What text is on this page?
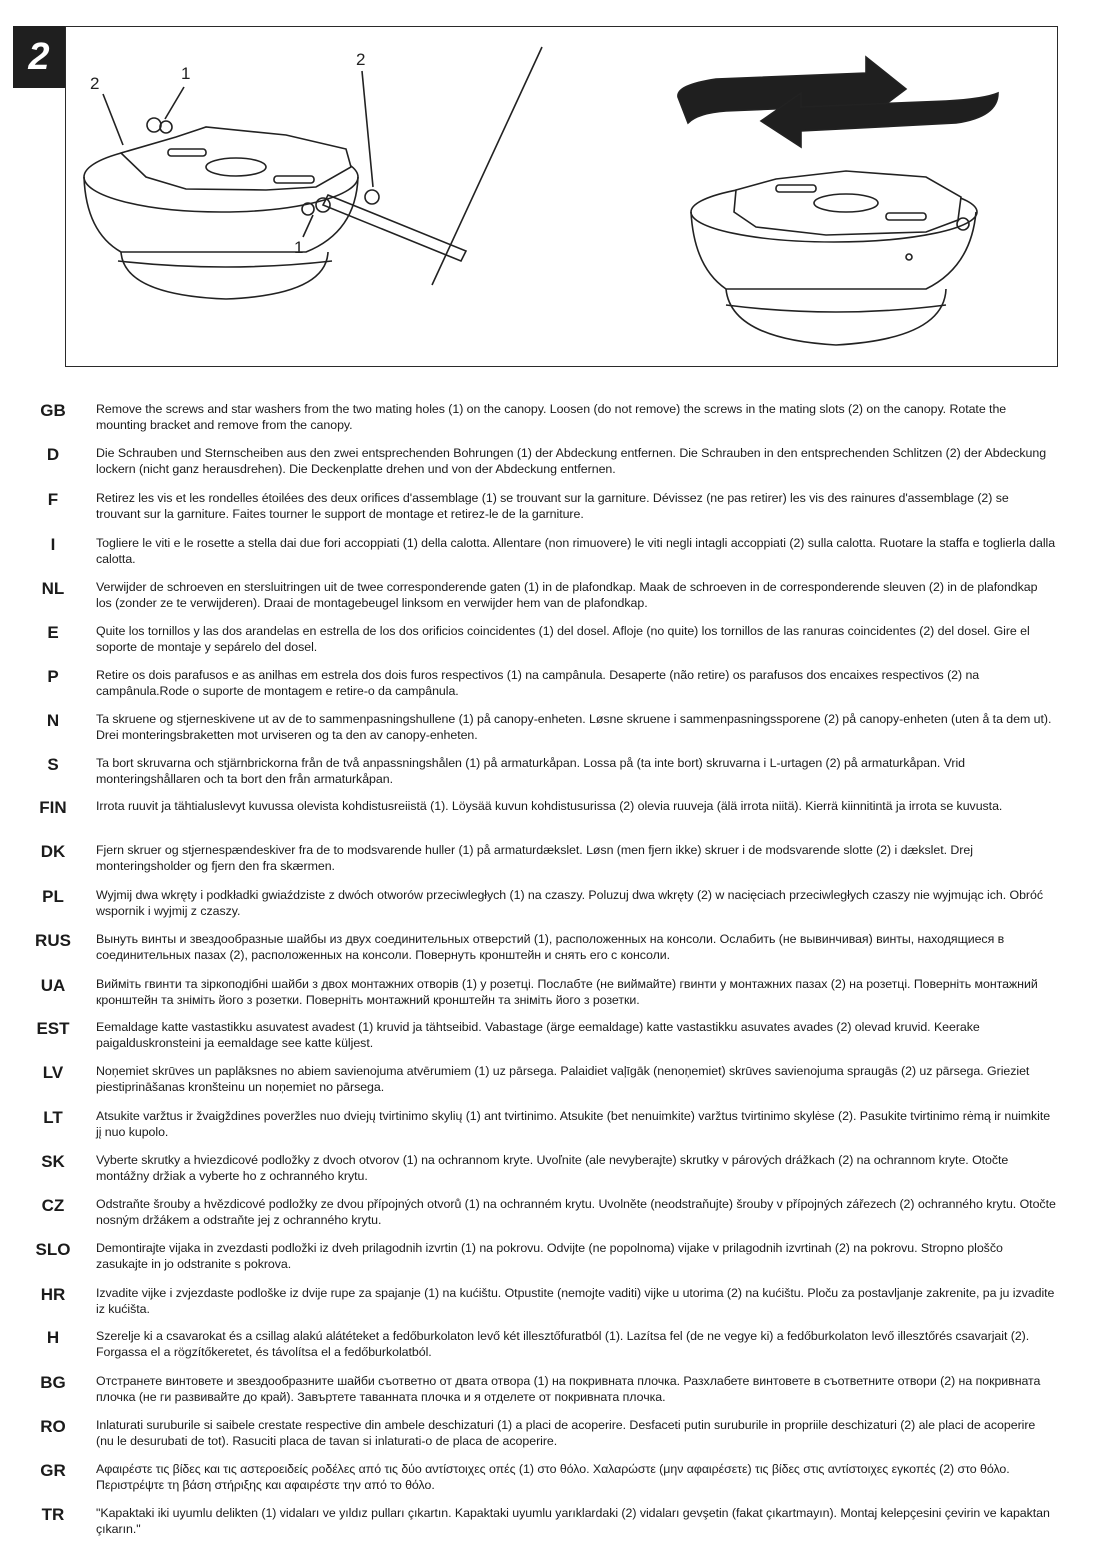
2
2
1
2
1
GB	Remove the screws and star washers from the two mating holes (1) on the canopy. Loosen (do not remove) the screws in the mating slots (2) on the canopy. Rotate the mounting bracket and remove from the canopy.
D	Die Schrauben und Sternscheiben aus den zwei entsprechenden Bohrungen (1) der Abdeckung entfernen. Die Schrauben in den entsprechenden Schlitzen (2) der Abdeckung lockern (nicht ganz herausdrehen). Die Deckenplatte drehen und von der Abdeckung entfernen.
F	Retirez les vis et les rondelles étoilées des deux orifices d'assemblage (1) se trouvant sur la garniture. Dévissez (ne pas retirer) les vis des rainures d'assemblage (2) se trouvant sur la garniture. Faites tourner le support de montage et retirez-le de la garniture.
I	Togliere le viti e le rosette a stella dai due fori accoppiati (1) della calotta. Allentare (non rimuovere) le viti negli intagli accoppiati (2) sulla calotta. Ruotare la staffa e toglierla dalla calotta.
NL	Verwijder de schroeven en stersluitringen uit de twee corresponderende gaten (1) in de plafondkap. Maak de schroeven in de corresponderende sleuven (2) in de plafondkap los (zonder ze te verwijderen). Draai de montagebeugel linksom en verwijder hem van de plafondkap.
E	Quite los tornillos y las dos arandelas en estrella de los dos orificios coincidentes (1) del dosel. Afloje (no quite) los tornillos de las ranuras coincidentes (2) del dosel. Gire el soporte de montaje y sepárelo del dosel.
P	Retire os dois parafusos e as anilhas em estrela dos dois furos respectivos (1) na campânula. Desaperte (não retire) os parafusos dos encaixes respectivos (2) na campânula.Rode o suporte de montagem e retire-o da campânula.
N	Ta skruene og stjerneskivene ut av de to sammenpasningshullene (1) på canopy-enheten. Løsne skruene i sammenpasningssporene (2) på canopy-enheten (uten å ta dem ut). Drei monteringsbraketten mot urviseren og ta den av canopy-enheten.
S	Ta bort skruvarna och stjärnbrickorna från de två anpassningshålen (1) på armaturkåpan. Lossa på (ta inte bort) skruvarna i L-urtagen (2) på armaturkåpan. Vrid monteringshållaren och ta bort den från armaturkåpan.
FIN	Irrota ruuvit ja tähtialuslevyt kuvussa olevista kohdistusreiistä (1). Löysää kuvun kohdistusurissa (2) olevia ruuveja (älä irrota niitä). Kierrä kiinnitintä ja irrota se kuvusta.
DK	Fjern skruer og stjernespændeskiver fra de to modsvarende huller (1) på armaturdækslet. Løsn (men fjern ikke) skruer i de modsvarende slotte (2) i dækslet. Drej monteringsholder og fjern den fra skærmen.
PL	Wyjmij dwa wkręty i podkładki gwiaździste z dwóch otworów przeciwległych (1) na czaszy. Poluzuj dwa wkręty (2) w nacięciach przeciwległych czaszy nie wyjmując ich. Obróć wspornik i wyjmij z czaszy.
RUS	Вынуть винты и звездообразные шайбы из двух соединительных отверстий (1), расположенных на консоли. Ослабить (не вывинчивая) винты, находящиеся в соединительных пазах (2), расположенных на консоли. Повернуть кронштейн и снять его с консоли.
UA	Вийміть гвинти та зіркоподібні шайби з двох монтажних отворів (1) у розетці. Послабте (не виймайте) гвинти у монтажних пазах (2) на розетці. Поверніть монтажний кронштейн та зніміть його з розетки. Поверніть монтажний кронштейн та зніміть його з розетки.
EST	Eemaldage katte vastastikku asuvatest avadest (1) kruvid ja tähtseibid. Vabastage (ärge eemaldage) katte vastastikku asuvates avades (2) olevad kruvid. Keerake paigalduskronsteini ja eemaldage see katte küljest.
LV	Noņemiet skrūves un paplāksnes no abiem savienojuma atvērumiem (1) uz pārsega. Palaidiet vaļīgāk (nenoņemiet) skrūves savienojuma spraugās (2) uz pārsega. Grieziet piestiprināšanas kronšteinu un noņemiet no pārsega.
LT	Atsukite varžtus ir žvaigždines poveržles nuo dviejų tvirtinimo skylių (1) ant tvirtinimo. Atsukite (bet nenuimkite) varžtus tvirtinimo skylėse (2). Pasukite tvirtinimo rėmą ir nuimkite jį nuo kupolo.
SK	Vyberte skrutky a hviezdicové podložky z dvoch otvorov (1) na ochrannom kryte. Uvoľnite (ale nevyberajte) skrutky v párových drážkach (2) na ochrannom kryte. Otočte montážny držiak a vyberte ho z ochranného krytu.
CZ	Odstraňte šrouby a hvězdicové podložky ze dvou přípojných otvorů (1) na ochranném krytu. Uvolněte (neodstraňujte) šrouby v přípojných zářezech (2) ochranného krytu. Otočte nosným držákem a odstraňte jej z ochranného krytu.
SLO	Demontirajte vijaka in zvezdasti podložki iz dveh prilagodnih izvrtin (1) na pokrovu. Odvijte (ne popolnoma) vijake v prilagodnih izvrtinah (2) na pokrovu. Stropno ploščo zasukajte in jo odstranite s pokrova.
HR	Izvadite vijke i zvjezdaste podloške iz dvije rupe za spajanje (1) na kućištu. Otpustite (nemojte vaditi) vijke u utorima (2) na kućištu. Ploču za postavljanje zakrenite, pa ju izvadite iz kućišta.
H	Szerelje ki a csavarokat és a csillag alakú alátéteket a fedőburkolaton levő két illesztőfuratból (1). Lazítsa fel (de ne vegye ki) a fedőburkolaton levő illesztőrés csavarjait (2). Forgassa el a rögzítőkeretet, és távolítsa el a fedőburkolatból.
BG	Отстранете винтовете и звездообразните шайби съответно от двата отвора (1) на покривната плочка. Разхлабете винтовете в съответните отвори (2) на покривната плочка (не ги развивайте до край). Завъртете таванната плочка и я отделете от покривната плочка.
RO	Inlaturati suruburile si saibele crestate respective din ambele deschizaturi (1) a placi de acoperire. Desfaceti putin suruburile in propriile deschizaturi (2) ale placi de acoperire (nu le desurubati de tot). Rasuciti placa de tavan si inlaturati-o de placa de acoperire.
GR	Αφαιρέστε τις βίδες και τις αστεροειδείς ροδέλες από τις δύο αντίστοιχες οπές (1) στο θόλο. Χαλαρώστε (μην αφαιρέσετε) τις βίδες στις αντίστοιχες εγκοπές (2) στο θόλο. Περιστρέψτε τη βάση στήριξης και αφαιρέστε την από το θόλο.
TR	"Kapaktaki iki uyumlu delikten (1) vidaları ve yıldız pulları çıkartın. Kapaktaki uyumlu yarıklardaki (2) vidaları gevşetin (fakat çıkartmayın). Montaj kelepçesini çevirin ve kapaktan çıkarın."
